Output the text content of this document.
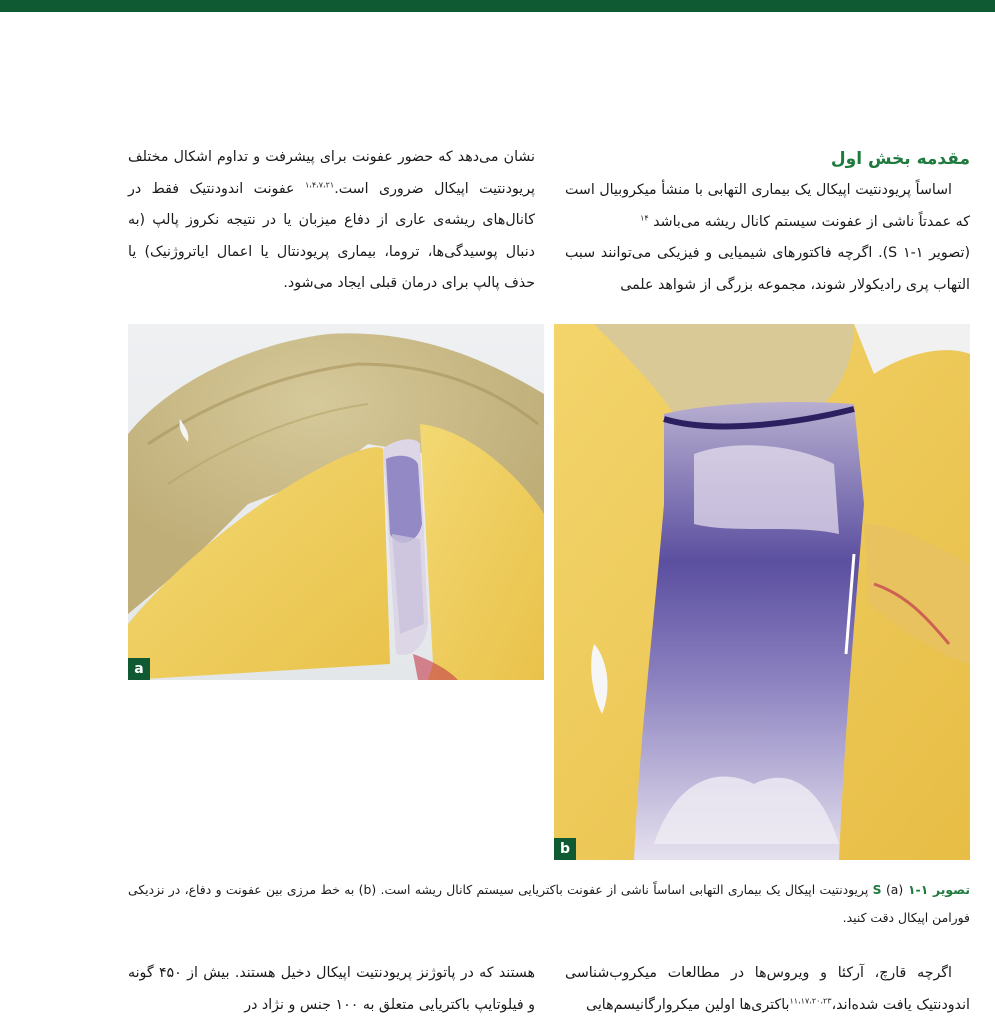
مقدمه بخش اول

اساساً پریودنتیت اپیکال یک بیماری التهابی با منشأ میکروبیال است که عمدتاً ناشی از عفونت سیستم کانال ریشه می‌باشد $^{۱۴}$
(تصویر ۱-۱ S). اگرچه فاکتورهای شیمیایی و فیزیکی می‌توانند سبب التهاب پری رادیکولار شوند، مجموعه بزرگی از شواهد علمی

نشان می‌دهد که حضور عفونت برای پیشرفت و تداوم اشکال مختلف پریودنتیت اپیکال ضروری است.$^{۱،۴،۷،۲۱}$ عفونت اندودنتیک فقط در کانال‌های ریشه‌ی عاری از دفاع میزبان یا در نتیجه نکروز پالپ (به دنبال پوسیدگی‌ها، تروما، بیماری پریودنتال یا اعمال ایاتروژنیک) یا حذف پالپ برای درمان قبلی ایجاد می‌شود.

a
b
تصویر ۱-۱ S (a) پریودنتیت اپیکال یک بیماری التهابی اساساً ناشی از عفونت باکتریایی سیستم کانال ریشه است. (b) به خط مرزی بین عفونت و دفاع، در نزدیکی فورامن اپیکال دقت کنید.

اگرچه قارچ، آرکئا و ویروس‌ها در مطالعات میکروب‌شناسی اندودنتیک یافت شده‌اند،$^{۱۱،۱۷،۲۰،۲۳}$باکتری‌ها اولین میکروارگانیسم‌هایی

هستند که در پاتوژنز پریودنتیت اپیکال دخیل هستند. بیش از ۴۵۰ گونه و فیلوتایپ باکتریایی متعلق به ۱۰۰ جنس و نژاد در
